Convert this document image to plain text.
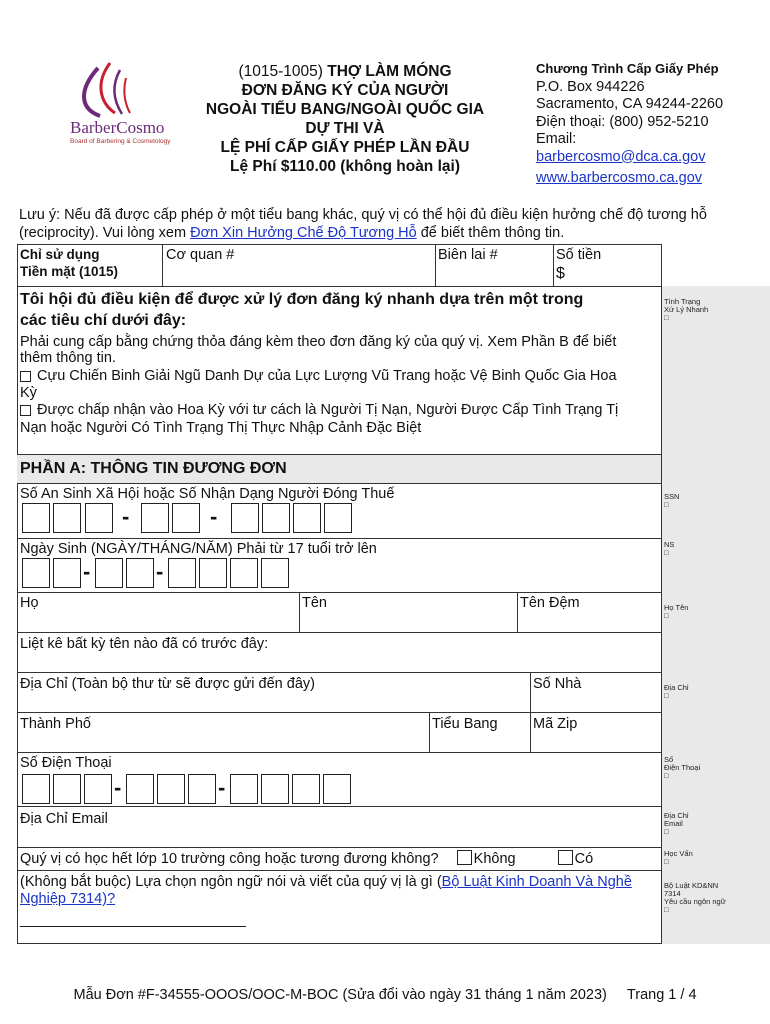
BarberCosmo
Board of Barbering & Cosmetology
(1015-1005) THỢ LÀM MÓNG
ĐƠN ĐĂNG KÝ CỦA NGƯỜI
NGOÀI TIỂU BANG/NGOÀI QUỐC GIA
DỰ THI VÀ
LỆ PHÍ CẤP GIẤY PHÉP LẦN ĐẦU
Lệ Phí $110.00 (không hoàn lại)
Chương Trình Cấp Giấy Phép
P.O. Box 944226
Sacramento, CA 94244-2260
Điện thoại: (800) 952-5210
Email:
barbercosmo@dca.ca.gov
www.barbercosmo.ca.gov
Lưu ý: Nếu đã được cấp phép ở một tiểu bang khác, quý vị có thể hội đủ điều kiện hưởng chế độ tương hỗ (reciprocity). Vui lòng xem Đơn Xin Hưởng Chế Độ Tương Hỗ để biết thêm thông tin.
Chỉ sử dụng
Tiền mặt (1015)
Cơ quan #	Biên lai #	Số tiền
$
Tôi hội đủ điều kiện để được xử lý đơn đăng ký nhanh dựa trên một trong
các tiêu chí dưới đây:
Phải cung cấp bằng chứng thỏa đáng kèm theo đơn đăng ký của quý vị. Xem Phần B để biết
thêm thông tin.
Cựu Chiến Binh Giải Ngũ Danh Dự của Lực Lượng Vũ Trang hoặc Vệ Binh Quốc Gia Hoa
Kỳ
Được chấp nhận vào Hoa Kỳ với tư cách là Người Tị Nạn, Người Được Cấp Tình Trạng Tị
Nạn hoặc Người Có Tình Trạng Thị Thực Nhập Cảnh Đặc Biệt
PHẦN A: THÔNG TIN ĐƯƠNG ĐƠN
Số An Sinh Xã Hội hoặc Số Nhận Dạng Người Đóng Thuế
-	-
Ngày Sinh (NGÀY/THÁNG/NĂM) Phải từ 17 tuổi trở lên
-	-
Họ	Tên	Tên Đệm
Liệt kê bất kỳ tên nào đã có trước đây:
Địa Chỉ (Toàn bộ thư từ sẽ được gửi đến đây)	Số Nhà
Thành Phố	Tiểu Bang Mã Zip
Số Điện Thoại
-	-
Địa Chỉ Email
Quý vị có học hết lớp 10 trường công hoặc tương đương không? Không	Có
(Không bắt buộc) Lựa chọn ngôn ngữ nói và viết của quý vị là gì (Bộ Luật Kinh Doanh Và Nghề
Nghiệp 7314)?
____________________________
Tình Trạng
Xử Lý Nhanh
□
SSN
□
NS
□
Họ Tên
□
Địa Chỉ
□
Số
Điện Thoại
□
Địa Chỉ
Email
□
Học Vấn
□
Bộ Luật KD&NN
7314
Yêu cầu ngôn ngữ
□
Mẫu Đơn #F-34555-OOOS/OOC-M-BOC (Sửa đổi vào ngày 31 tháng 1 năm 2023) Trang 1 / 4
